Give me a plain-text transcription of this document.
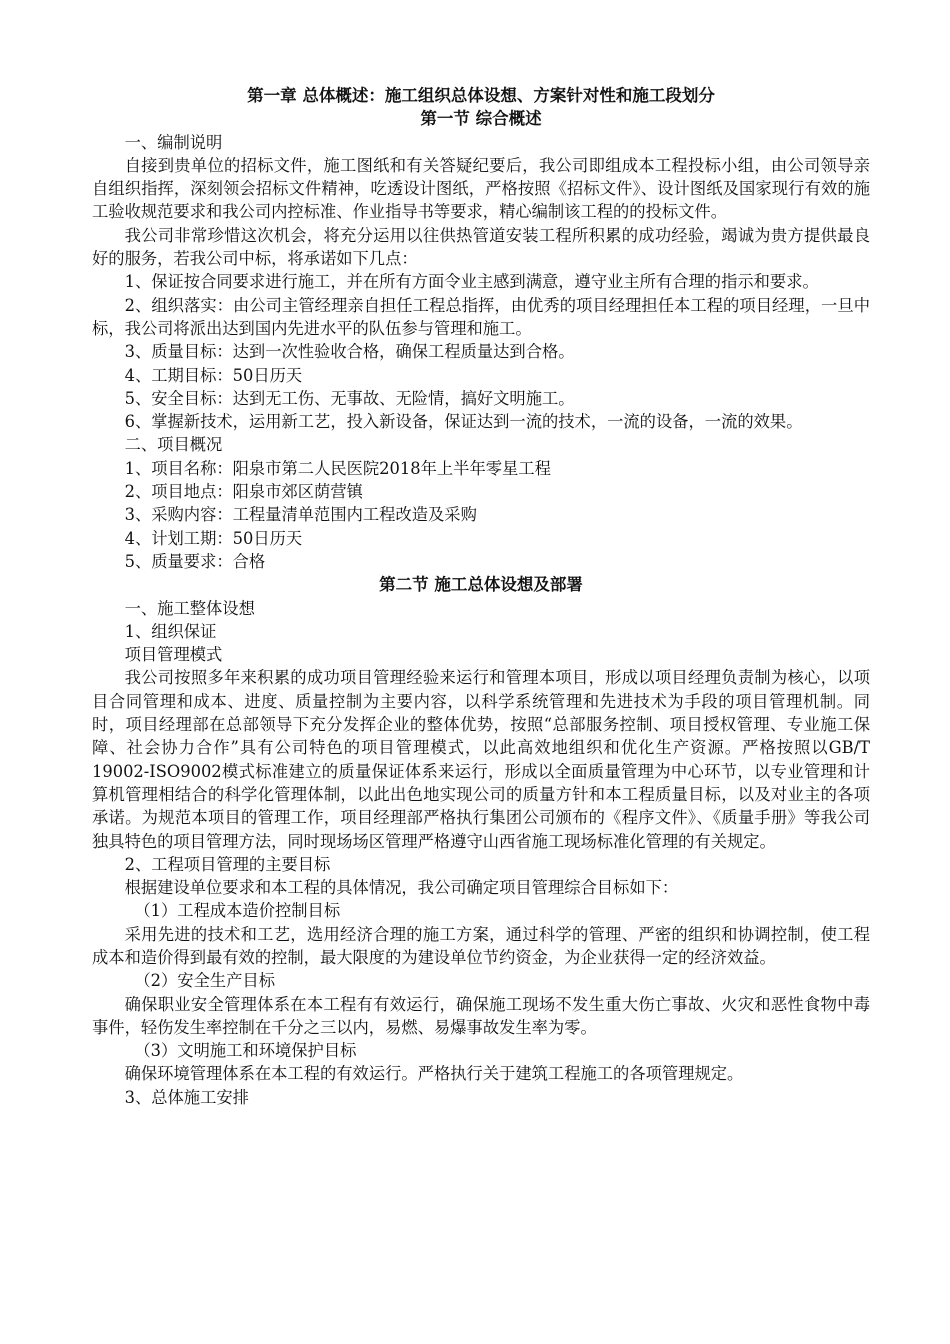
第一章 总体概述：施工组织总体设想、方案针对性和施工段划分
第一节 综合概述

一、编制说明

自接到贵单位的招标文件，施工图纸和有关答疑纪要后，我公司即组成本工程投标小组，由公司领导亲自组织指挥，深刻领会招标文件精神，吃透设计图纸，严格按照《招标文件》、设计图纸及国家现行有效的施工验收规范要求和我公司内控标准、作业指导书等要求，精心编制该工程的的投标文件。

我公司非常珍惜这次机会，将充分运用以往供热管道安装工程所积累的成功经验，竭诚为贵方提供最良好的服务，若我公司中标，将承诺如下几点：

1、保证按合同要求进行施工，并在所有方面令业主感到满意，遵守业主所有合理的指示和要求。

2、组织落实：由公司主管经理亲自担任工程总指挥，由优秀的项目经理担任本工程的项目经理，一旦中标，我公司将派出达到国内先进水平的队伍参与管理和施工。

3、质量目标：达到一次性验收合格，确保工程质量达到合格。

4、工期目标：50日历天

5、安全目标：达到无工伤、无事故、无险情，搞好文明施工。

6、掌握新技术，运用新工艺，投入新设备，保证达到一流的技术，一流的设备，一流的效果。

二、项目概况

1、项目名称：阳泉市第二人民医院2018年上半年零星工程

2、项目地点：阳泉市郊区荫营镇

3、采购内容：工程量清单范围内工程改造及采购

4、计划工期：50日历天

5、质量要求：合格

第二节 施工总体设想及部署

一、施工整体设想

1、组织保证

项目管理模式

我公司按照多年来积累的成功项目管理经验来运行和管理本项目，形成以项目经理负责制为核心，以项目合同管理和成本、进度、质量控制为主要内容，以科学系统管理和先进技术为手段的项目管理机制。同时，项目经理部在总部领导下充分发挥企业的整体优势，按照“总部服务控制、项目授权管理、专业施工保障、社会协力合作”具有公司特色的项目管理模式，以此高效地组织和优化生产资源。严格按照以GB/T 19002-ISO9002模式标准建立的质量保证体系来运行，形成以全面质量管理为中心环节，以专业管理和计算机管理相结合的科学化管理体制，以此出色地实现公司的质量方针和本工程质量目标，以及对业主的各项承诺。为规范本项目的管理工作，项目经理部严格执行集团公司颁布的《程序文件》、《质量手册》等我公司独具特色的项目管理方法，同时现场场区管理严格遵守山西省施工现场标准化管理的有关规定。

2、工程项目管理的主要目标

根据建设单位要求和本工程的具体情况，我公司确定项目管理综合目标如下：

（1）工程成本造价控制目标

采用先进的技术和工艺，选用经济合理的施工方案，通过科学的管理、严密的组织和协调控制，使工程成本和造价得到最有效的控制，最大限度的为建设单位节约资金，为企业获得一定的经济效益。

（2）安全生产目标

确保职业安全管理体系在本工程有有效运行，确保施工现场不发生重大伤亡事故、火灾和恶性食物中毒事件，轻伤发生率控制在千分之三以内，易燃、易爆事故发生率为零。

（3）文明施工和环境保护目标

确保环境管理体系在本工程的有效运行。严格执行关于建筑工程施工的各项管理规定。

3、总体施工安排
